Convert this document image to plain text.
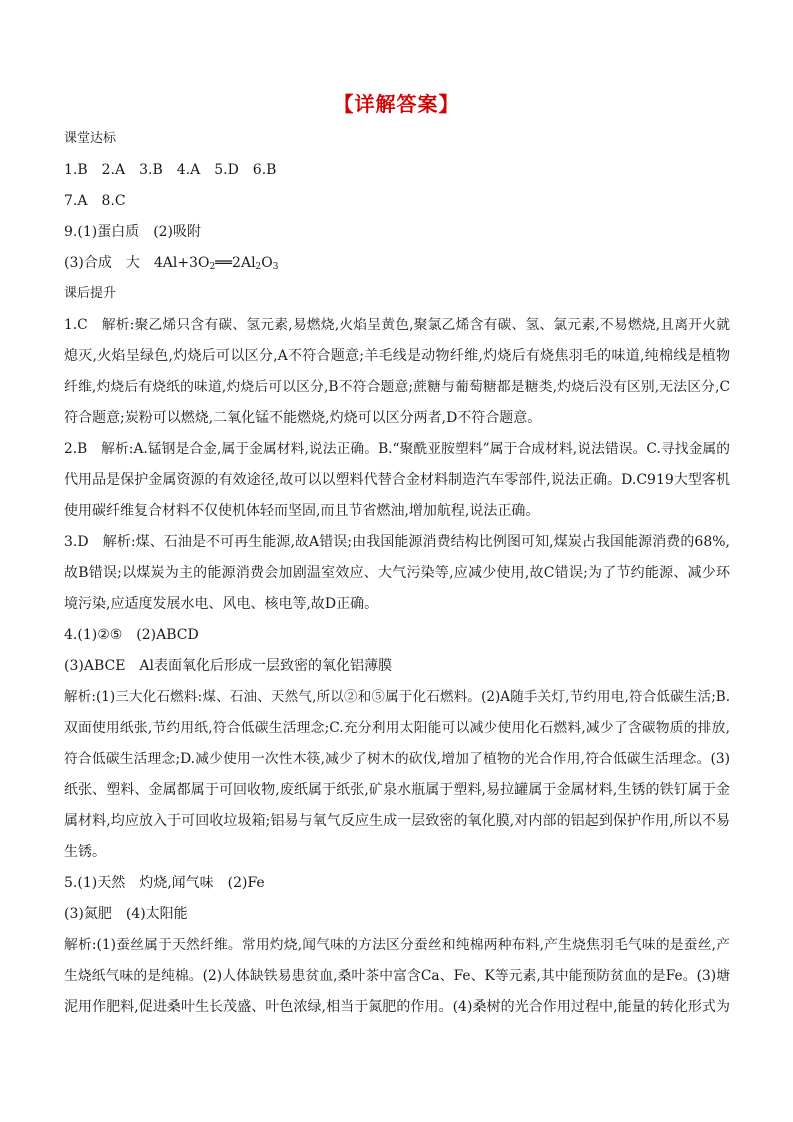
【详解答案】
课堂达标
1.B　2.A　3.B　4.A　5.D　6.B
7.A　8.C
9.(1)蛋白质　(2)吸附
(3)合成　大　$4Al+3O_2══2Al_2O_3$
课后提升
1.C　解析:聚乙烯只含有碳、氢元素,易燃烧,火焰呈黄色,聚氯乙烯含有碳、氢、氯元素,不易燃烧,且离开火就
熄灭,火焰呈绿色,灼烧后可以区分,A不符合题意;羊毛线是动物纤维,灼烧后有烧焦羽毛的味道,纯棉线是植物
纤维,灼烧后有烧纸的味道,灼烧后可以区分,B不符合题意;蔗糖与葡萄糖都是糖类,灼烧后没有区别,无法区分,C
符合题意;炭粉可以燃烧,二氧化锰不能燃烧,灼烧可以区分两者,D不符合题意。
2.B　解析:A.锰钢是合金,属于金属材料,说法正确。B.“聚酰亚胺塑料”属于合成材料,说法错误。C.寻找金属的
代用品是保护金属资源的有效途径,故可以以塑料代替合金材料制造汽车零部件,说法正确。D.C919大型客机
使用碳纤维复合材料不仅使机体轻而坚固,而且节省燃油,增加航程,说法正确。
3.D　解析:煤、石油是不可再生能源,故A错误;由我国能源消费结构比例图可知,煤炭占我国能源消费的68%,
故B错误;以煤炭为主的能源消费会加剧温室效应、大气污染等,应减少使用,故C错误;为了节约能源、减少环
境污染,应适度发展水电、风电、核电等,故D正确。
4.(1)②⑤　(2)ABCD
(3)ABCE　Al表面氧化后形成一层致密的氧化铝薄膜
解析:(1)三大化石燃料:煤、石油、天然气,所以②和⑤属于化石燃料。(2)A随手关灯,节约用电,符合低碳生活;B.
双面使用纸张,节约用纸,符合低碳生活理念;C.充分利用太阳能可以减少使用化石燃料,减少了含碳物质的排放,
符合低碳生活理念;D.减少使用一次性木筷,减少了树木的砍伐,增加了植物的光合作用,符合低碳生活理念。(3)
纸张、塑料、金属都属于可回收物,废纸属于纸张,矿泉水瓶属于塑料,易拉罐属于金属材料,生锈的铁钉属于金
属材料,均应放入于可回收垃圾箱;铝易与氧气反应生成一层致密的氧化膜,对内部的铝起到保护作用,所以不易
生锈。
5.(1)天然　灼烧,闻气味　(2)Fe
(3)氮肥　(4)太阳能
解析:(1)蚕丝属于天然纤维。常用灼烧,闻气味的方法区分蚕丝和纯棉两种布料,产生烧焦羽毛气味的是蚕丝,产
生烧纸气味的是纯棉。(2)人体缺铁易患贫血,桑叶茶中富含Ca、Fe、K等元素,其中能预防贫血的是Fe。(3)塘
泥用作肥料,促进桑叶生长茂盛、叶色浓绿,相当于氮肥的作用。(4)桑树的光合作用过程中,能量的转化形式为
